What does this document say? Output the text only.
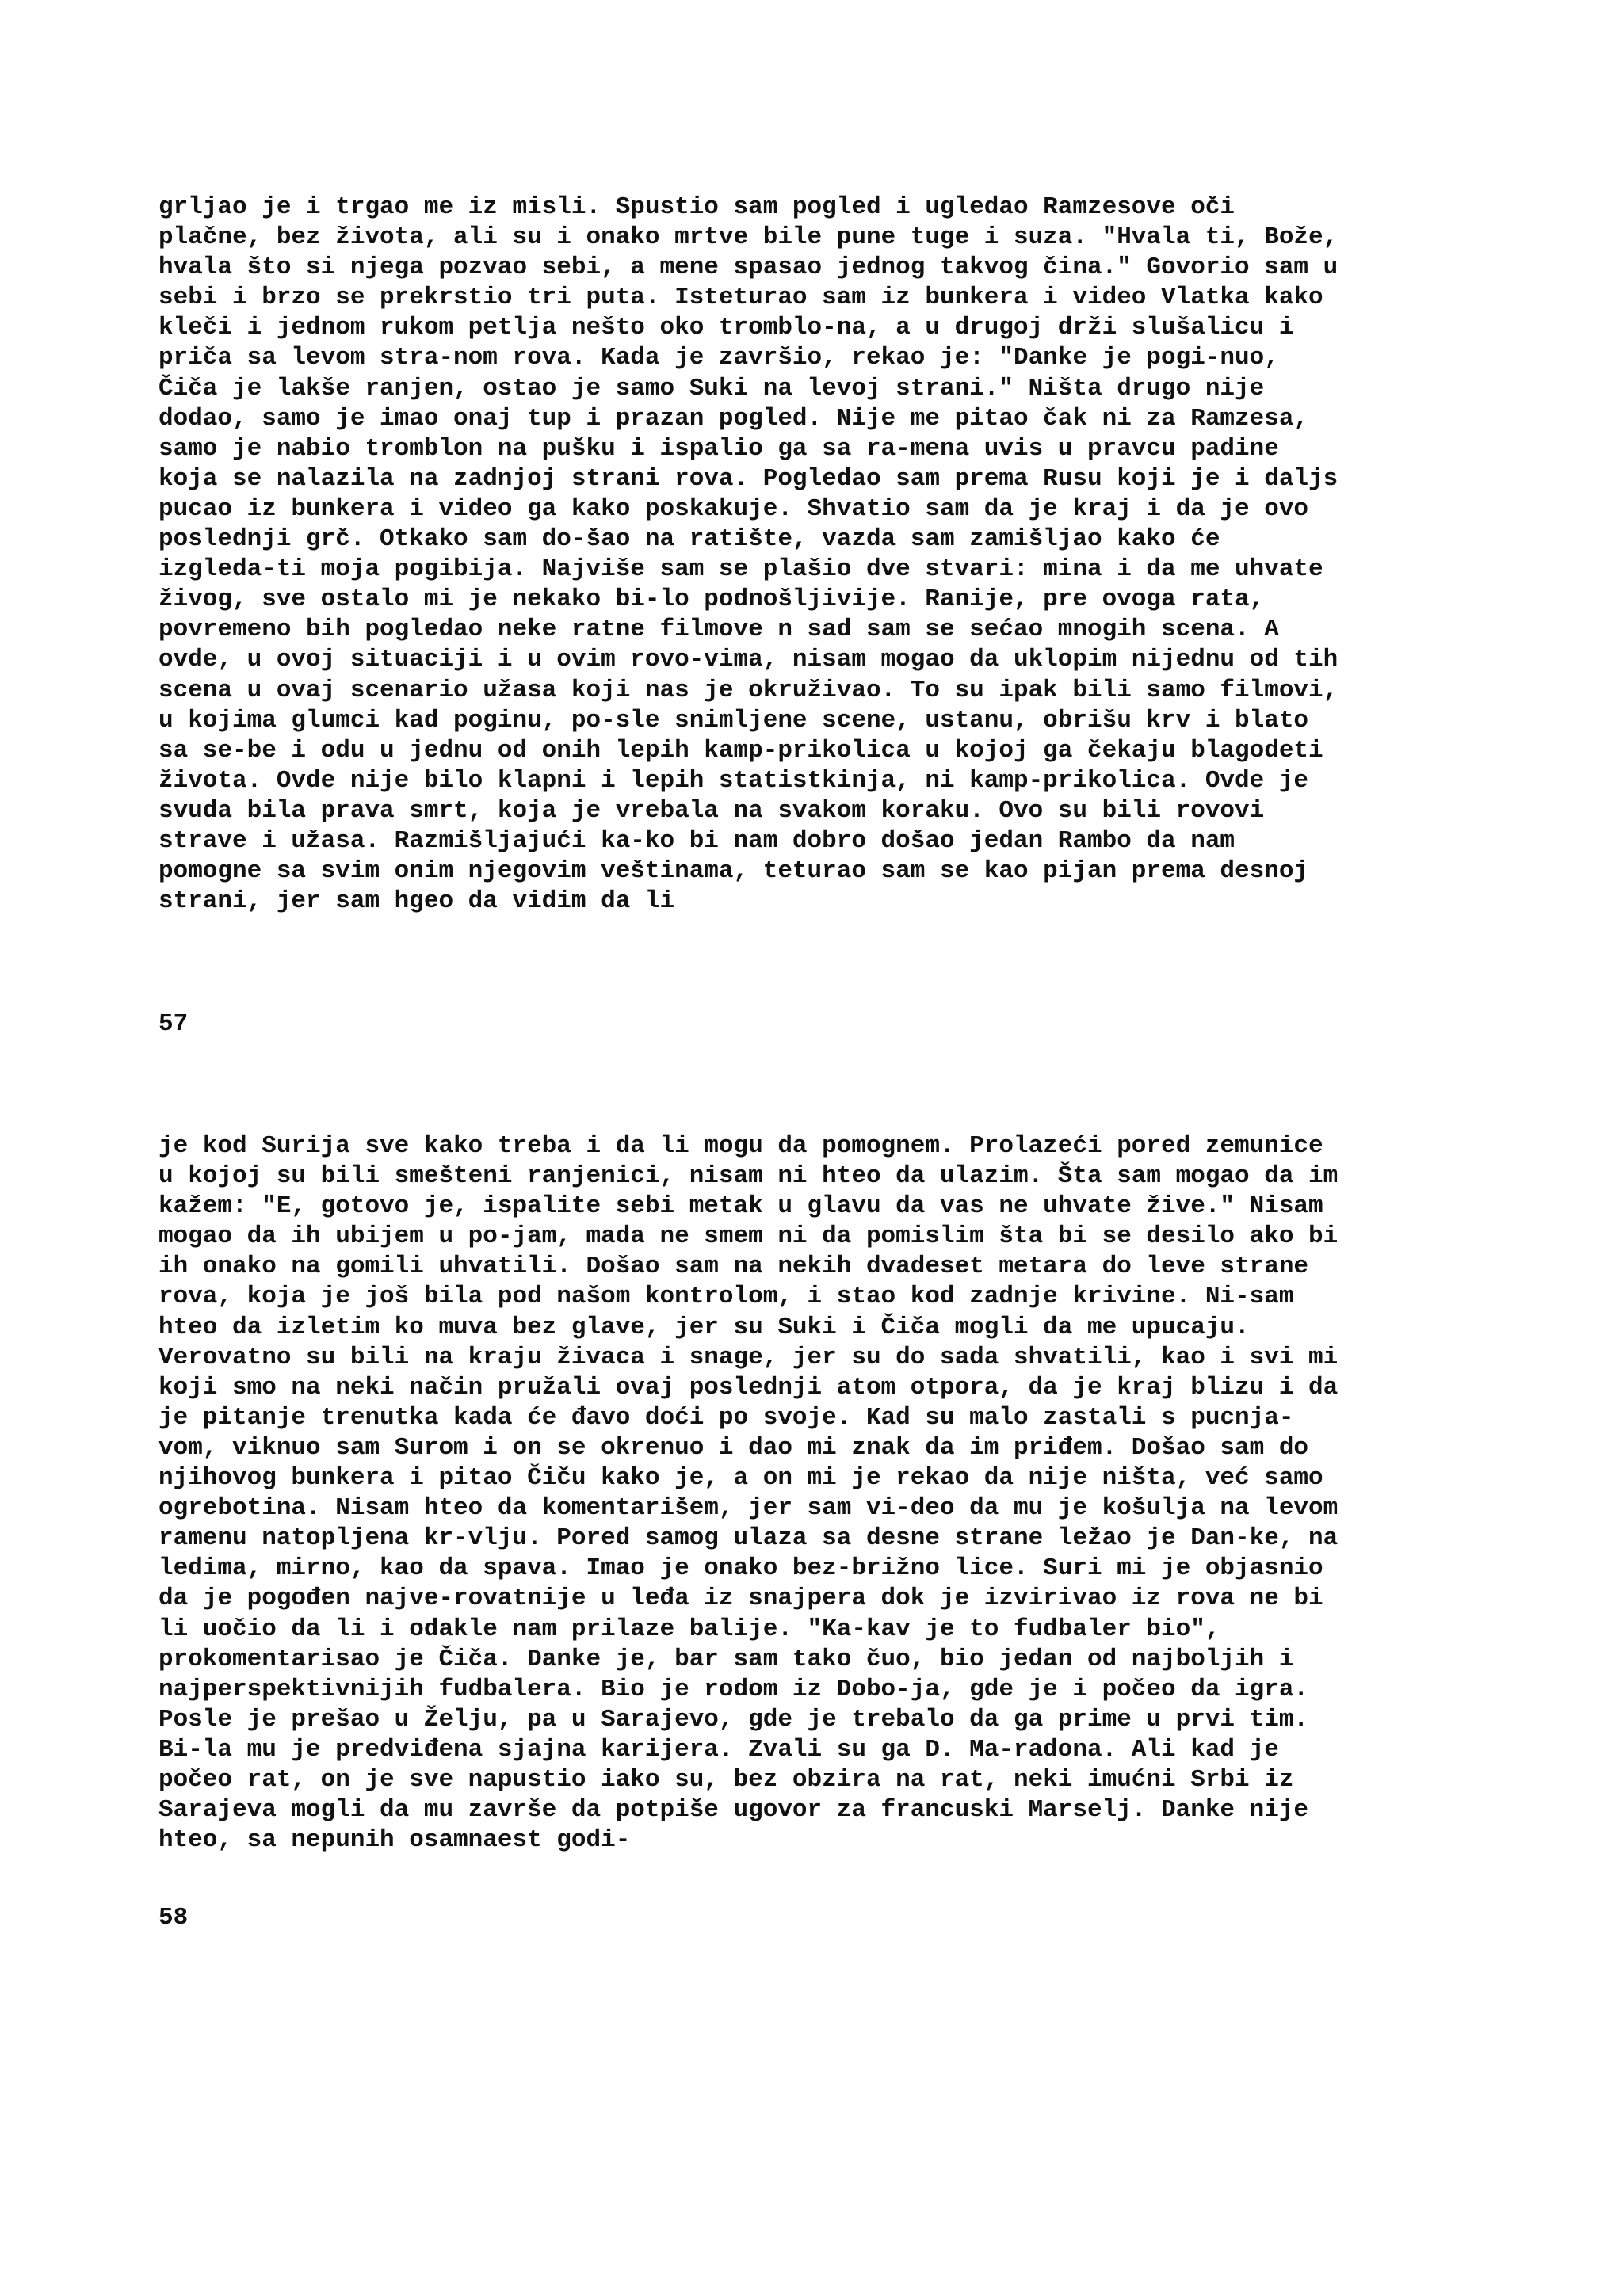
grljao je i trgao me iz misli. Spustio sam pogled i ugledao Ramzesove oči
plačne, bez života, ali su i onako mrtve bile pune tuge i suza. "Hvala ti, Bože,
hvala što si njega pozvao sebi, a mene spasao jednog takvog čina." Govorio sam u
sebi i brzo se prekrstio tri puta. Isteturao sam iz bunkera i video Vlatka kako
kleči i jednom rukom petlja nešto oko tromblo-na, a u drugoj drži slušalicu i
priča sa levom stra-nom rova. Kada je završio, rekao je: "Danke je pogi-nuo,
Čiča je lakše ranjen, ostao je samo Suki na levoj strani." Ništa drugo nije
dodao, samo je imao onaj tup i prazan pogled. Nije me pitao čak ni za Ramzesa,
samo je nabio tromblon na pušku i ispalio ga sa ra-mena uvis u pravcu padine
koja se nalazila na zadnjoj strani rova. Pogledao sam prema Rusu koji je i daljs
pucao iz bunkera i video ga kako poskakuje. Shvatio sam da je kraj i da je ovo
poslednji grč. Otkako sam do-šao na ratište, vazda sam zamišljao kako će
izgleda-ti moja pogibija. Najviše sam se plašio dve stvari: mina i da me uhvate
živog, sve ostalo mi je nekako bi-lo podnošljivije. Ranije, pre ovoga rata,
povremeno bih pogledao neke ratne filmove n sad sam se sećao mnogih scena. A
ovde, u ovoj situaciji i u ovim rovo-vima, nisam mogao da uklopim nijednu od tih
scena u ovaj scenario užasa koji nas je okruživao. To su ipak bili samo filmovi,
u kojima glumci kad poginu, po-sle snimljene scene, ustanu, obrišu krv i blato
sa se-be i odu u jednu od onih lepih kamp-prikolica u kojoj ga čekaju blagodeti
života. Ovde nije bilo klapni i lepih statistkinja, ni kamp-prikolica. Ovde je
svuda bila prava smrt, koja je vrebala na svakom koraku. Ovo su bili rovovi
strave i užasa. Razmišljajući ka-ko bi nam dobro došao jedan Rambo da nam
pomogne sa svim onim njegovim veštinama, teturao sam se kao pijan prema desnoj
strani, jer sam hgeo da vidim da li

57

je kod Surija sve kako treba i da li mogu da pomognem. Prolazeći pored zemunice
u kojoj su bili smešteni ranjenici, nisam ni hteo da ulazim. Šta sam mogao da im
kažem: "E, gotovo je, ispalite sebi metak u glavu da vas ne uhvate žive." Nisam
mogao da ih ubijem u po-jam, mada ne smem ni da pomislim šta bi se desilo ako bi
ih onako na gomili uhvatili. Došao sam na nekih dvadeset metara do leve strane
rova, koja je još bila pod našom kontrolom, i stao kod zadnje krivine. Ni-sam
hteo da izletim ko muva bez glave, jer su Suki i Čiča mogli da me upucaju.
Verovatno su bili na kraju živaca i snage, jer su do sada shvatili, kao i svi mi
koji smo na neki način pružali ovaj poslednji atom otpora, da je kraj blizu i da
je pitanje trenutka kada će đavo doći po svoje. Kad su malo zastali s pucnja-
vom, viknuo sam Surom i on se okrenuo i dao mi znak da im priđem. Došao sam do
njihovog bunkera i pitao Čiču kako je, a on mi je rekao da nije ništa, već samo
ogrebotina. Nisam hteo da komentarišem, jer sam vi-deo da mu je košulja na levom
ramenu natopljena kr-vlju. Pored samog ulaza sa desne strane ležao je Dan-ke, na
ledima, mirno, kao da spava. Imao je onako bez-brižno lice. Suri mi je objasnio
da je pogođen najve-rovatnije u leđa iz snajpera dok je izvirivao iz rova ne bi
li uočio da li i odakle nam prilaze balije. "Ka-kav je to fudbaler bio",
prokomentarisao je Čiča. Danke je, bar sam tako čuo, bio jedan od najboljih i
najperspektivnijih fudbalera. Bio je rodom iz Dobo-ja, gde je i počeo da igra.
Posle je prešao u Želju, pa u Sarajevo, gde je trebalo da ga prime u prvi tim.
Bi-la mu je predviđena sjajna karijera. Zvali su ga D. Ma-radona. Ali kad je
počeo rat, on je sve napustio iako su, bez obzira na rat, neki imućni Srbi iz
Sarajeva mogli da mu završe da potpiše ugovor za francuski Marselj. Danke nije
hteo, sa nepunih osamnaest godi-

58
